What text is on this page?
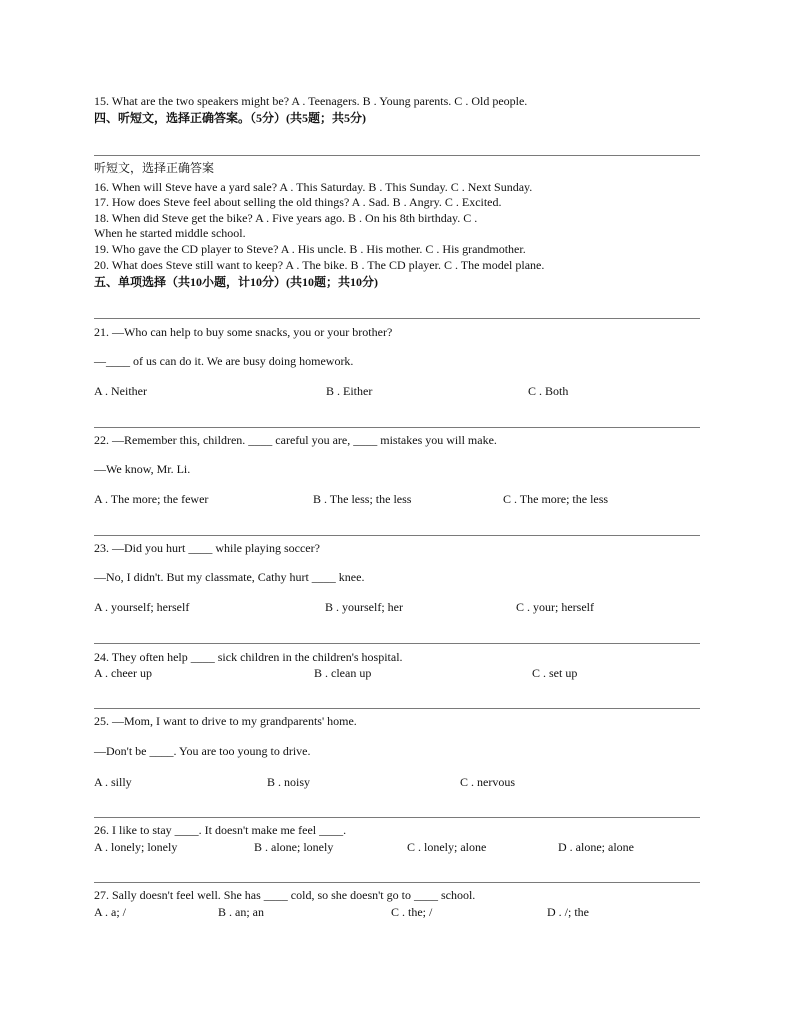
15. What are the two speakers might be? A . Teenagers. B . Young parents. C . Old people.
四、听短文，选择正确答案。（5分）(共5题；共5分)
听短文，选择正确答案
16. When will Steve have a yard sale? A . This Saturday. B . This Sunday. C . Next Sunday.
17. How does Steve feel about selling the old things? A . Sad. B . Angry. C . Excited.
18. When did Steve get the bike? A . Five years ago. B . On his 8th birthday. C .
When he started middle school.
19. Who gave the CD player to Steve? A . His uncle. B . His mother. C . His grandmother.
20. What does Steve still want to keep? A . The bike. B . The CD player. C . The model plane.
五、单项选择（共10小题，计10分）(共10题；共10分)
21. —Who can help to buy some snacks, you or your brother?
—____ of us can do it. We are busy doing homework.
A . Neither	B . Either	C . Both
22. —Remember this, children. ____ careful you are, ____ mistakes you will make.
—We know, Mr. Li.
A . The more; the fewer	B . The less; the less	C . The more; the less
23. —Did you hurt ____ while playing soccer?
—No, I didn't. But my classmate, Cathy hurt ____ knee.
A . yourself; herself	B . yourself; her	C . your; herself
24. They often help ____ sick children in the children's hospital.
A . cheer up	B . clean up	C . set up
25. —Mom, I want to drive to my grandparents' home.
—Don't be ____. You are too young to drive.
A . silly	B . noisy	C . nervous
26. I like to stay ____. It doesn't make me feel ____.
A . lonely; lonely	B . alone; lonely	C . lonely; alone	D . alone; alone
27. Sally doesn't feel well. She has ____ cold, so she doesn't go to ____ school.
A . a; /	B . an; an	C . the; /	D . /; the
